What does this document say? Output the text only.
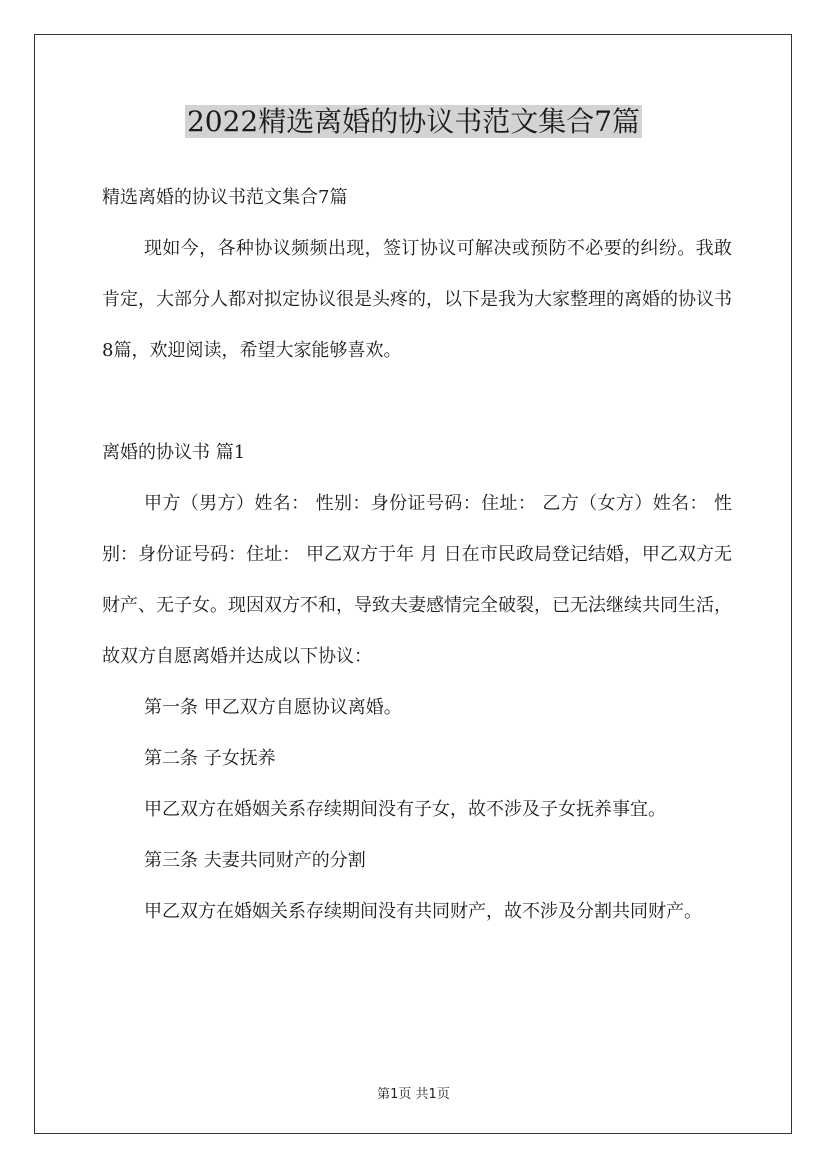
2022精选离婚的协议书范文集合7篇

精选离婚的协议书范文集合7篇

现如今，各种协议频频出现，签订协议可解决或预防不必要的纠纷。我敢肯定，大部分人都对拟定协议很是头疼的，以下是我为大家整理的离婚的协议书8篇，欢迎阅读，希望大家能够喜欢。

离婚的协议书 篇1

甲方（男方）姓名： 性别：身份证号码：住址： 乙方（女方）姓名： 性别：身份证号码：住址： 甲乙双方于年 月 日在市民政局登记结婚，甲乙双方无财产、无子女。现因双方不和，导致夫妻感情完全破裂，已无法继续共同生活，故双方自愿离婚并达成以下协议：

第一条 甲乙双方自愿协议离婚。

第二条 子女抚养

甲乙双方在婚姻关系存续期间没有子女，故不涉及子女抚养事宜。

第三条 夫妻共同财产的分割

甲乙双方在婚姻关系存续期间没有共同财产，故不涉及分割共同财产。

第1页 共1页
